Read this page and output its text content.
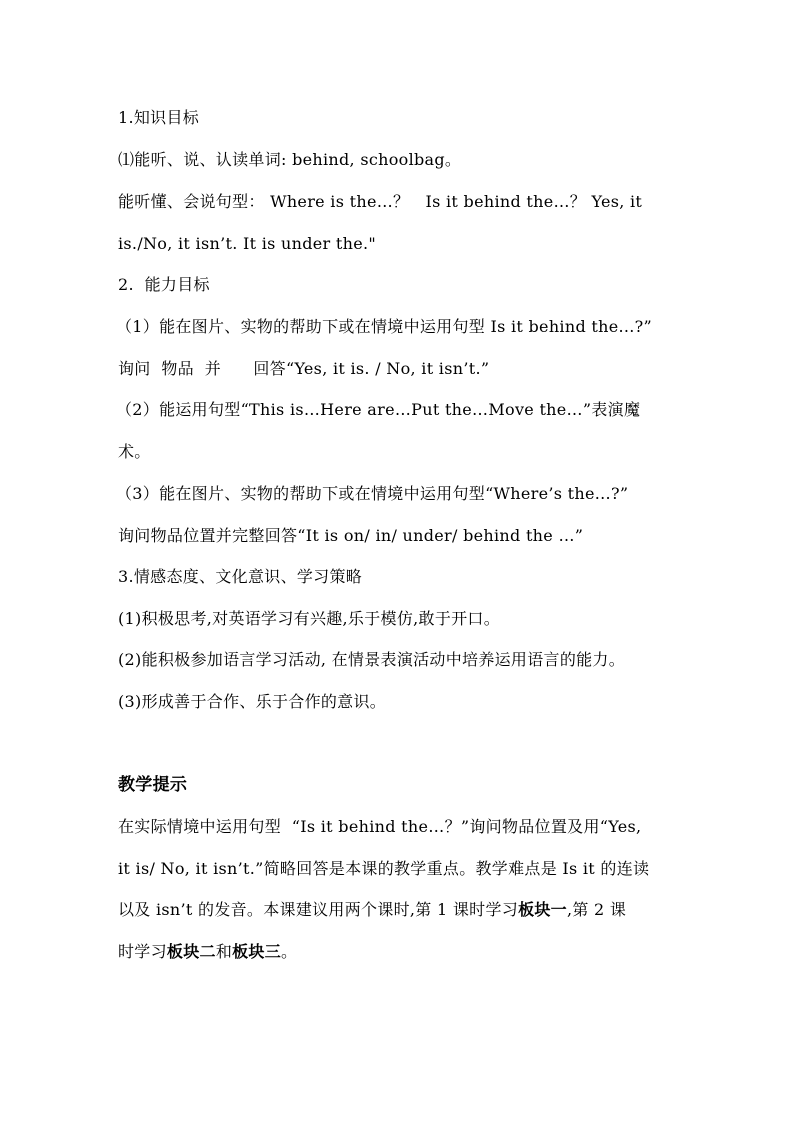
1.知识目标
⑴能听、说、认读单词: behind, schoolbag。
能听懂、会说句型： Where is the…？   Is it behind the…？ Yes, it
is./No, it isn’t. It is under the."
2.  能力目标
（1）能在图片、实物的帮助下或在情境中运用句型 Is it behind the...?”
询问  物品  并      回答“Yes, it is. / No, it isn’t.”
（2）能运用句型“This is…Here are…Put the…Move the…”表演魔
术。
（3）能在图片、实物的帮助下或在情境中运用句型“Where’s the...?”
询问物品位置并完整回答“It is on/ in/ under/ behind the …”
3.情感态度、文化意识、学习策略
(1)积极思考,对英语学习有兴趣,乐于模仿,敢于开口。
(2)能积极参加语言学习活动, 在情景表演活动中培养运用语言的能力。
(3)形成善于合作、乐于合作的意识。
教学提示
在实际情境中运用句型  “Is it behind the…？”询问物品位置及用“Yes,
it is/ No, it isn’t.”简略回答是本课的教学重点。教学难点是 Is it 的连读
以及 isn’t 的发音。本课建议用两个课时,第 1 课时学习板块一,第 2 课
时学习板块二和板块三。
